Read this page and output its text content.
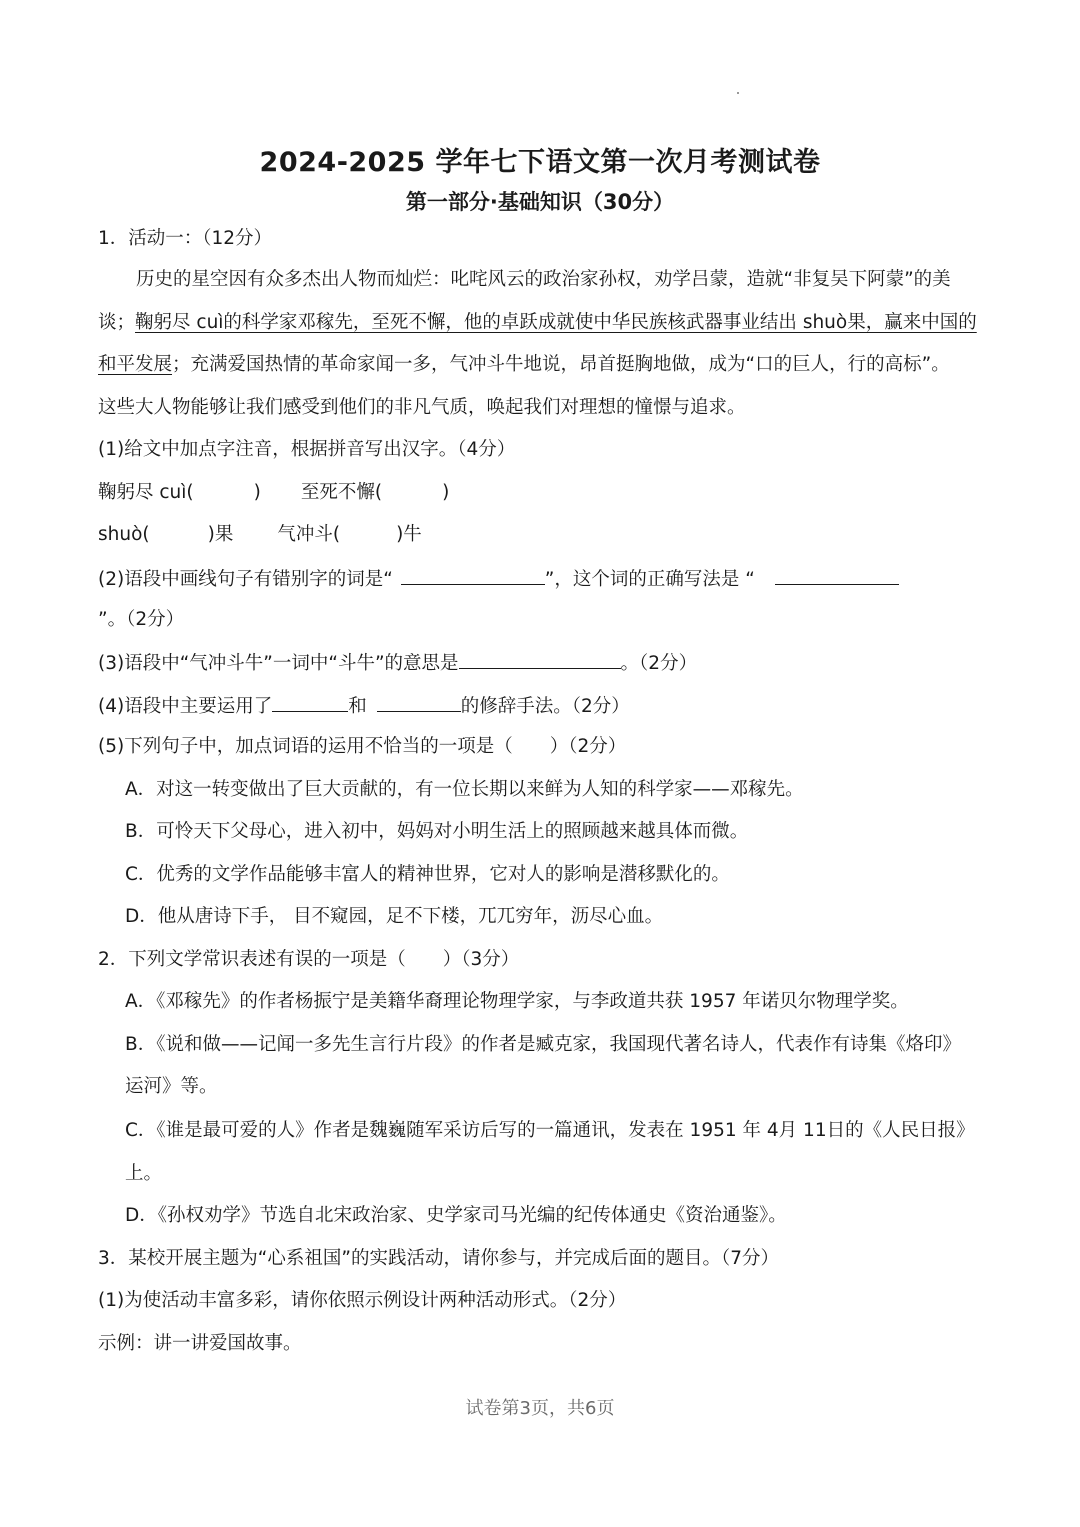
2024-2025 学年七下语文第一次月考测试卷
第一部分·基础知识（30分）
1．活动一：（12分）
历史的星空因有众多杰出人物而灿烂：叱咤风云的政治家孙权，劝学吕蒙，造就“非复吴下阿蒙”的美
谈；鞠躬尽 cuì的科学家邓稼先，至死不懈，他的卓跃成就使中华民族核武器事业结出 shuò果，赢来中国的
和平发展；充满爱国热情的革命家闻一多，气冲斗牛地说，昂首挺胸地做，成为“口的巨人，行的高标”。
这些大人物能够让我们感受到他们的非凡气质，唤起我们对理想的憧憬与追求。
(1)给文中加点字注音，根据拼音写出汉字。（4分）
鞠躬尽 cuì(	) 至死不懈(	)
shuò(	)果 气冲斗(	)牛
(2)语段中画线句子有错别字的词是“	”，这个词的正确写法是 “
”。（2分）
(3)语段中“气冲斗牛”一词中“斗牛”的意思是	。（2分）
(4)语段中主要运用了	和	的修辞手法。（2分）
(5)下列句子中，加点词语的运用不恰当的一项是（　　）（2分）
A．对这一转变做出了巨大贡献的，有一位长期以来鲜为人知的科学家——邓稼先。
B．可怜天下父母心，进入初中，妈妈对小明生活上的照顾越来越具体而微。
C．优秀的文学作品能够丰富人的精神世界，它对人的影响是潜移默化的。
D．他从唐诗下手， 目不窥园，足不下楼，兀兀穷年，沥尽心血。
2．下列文学常识表述有误的一项是（　　）（3分）
A．《邓稼先》的作者杨振宁是美籍华裔理论物理学家，与李政道共获 1957 年诺贝尔物理学奖。
B．《说和做——记闻一多先生言行片段》的作者是臧克家，我国现代著名诗人，代表作有诗集《烙印》
运河》等。
C．《谁是最可爱的人》作者是魏巍随军采访后写的一篇通讯，发表在 1951 年 4月 11日的《人民日报》
上。
D．《孙权劝学》节选自北宋政治家、史学家司马光编的纪传体通史《资治通鉴》。
3．某校开展主题为“心系祖国”的实践活动，请你参与，并完成后面的题目。（7分）
(1)为使活动丰富多彩，请你依照示例设计两种活动形式。（2分）
示例：讲一讲爱国故事。
试卷第3页，共6页
